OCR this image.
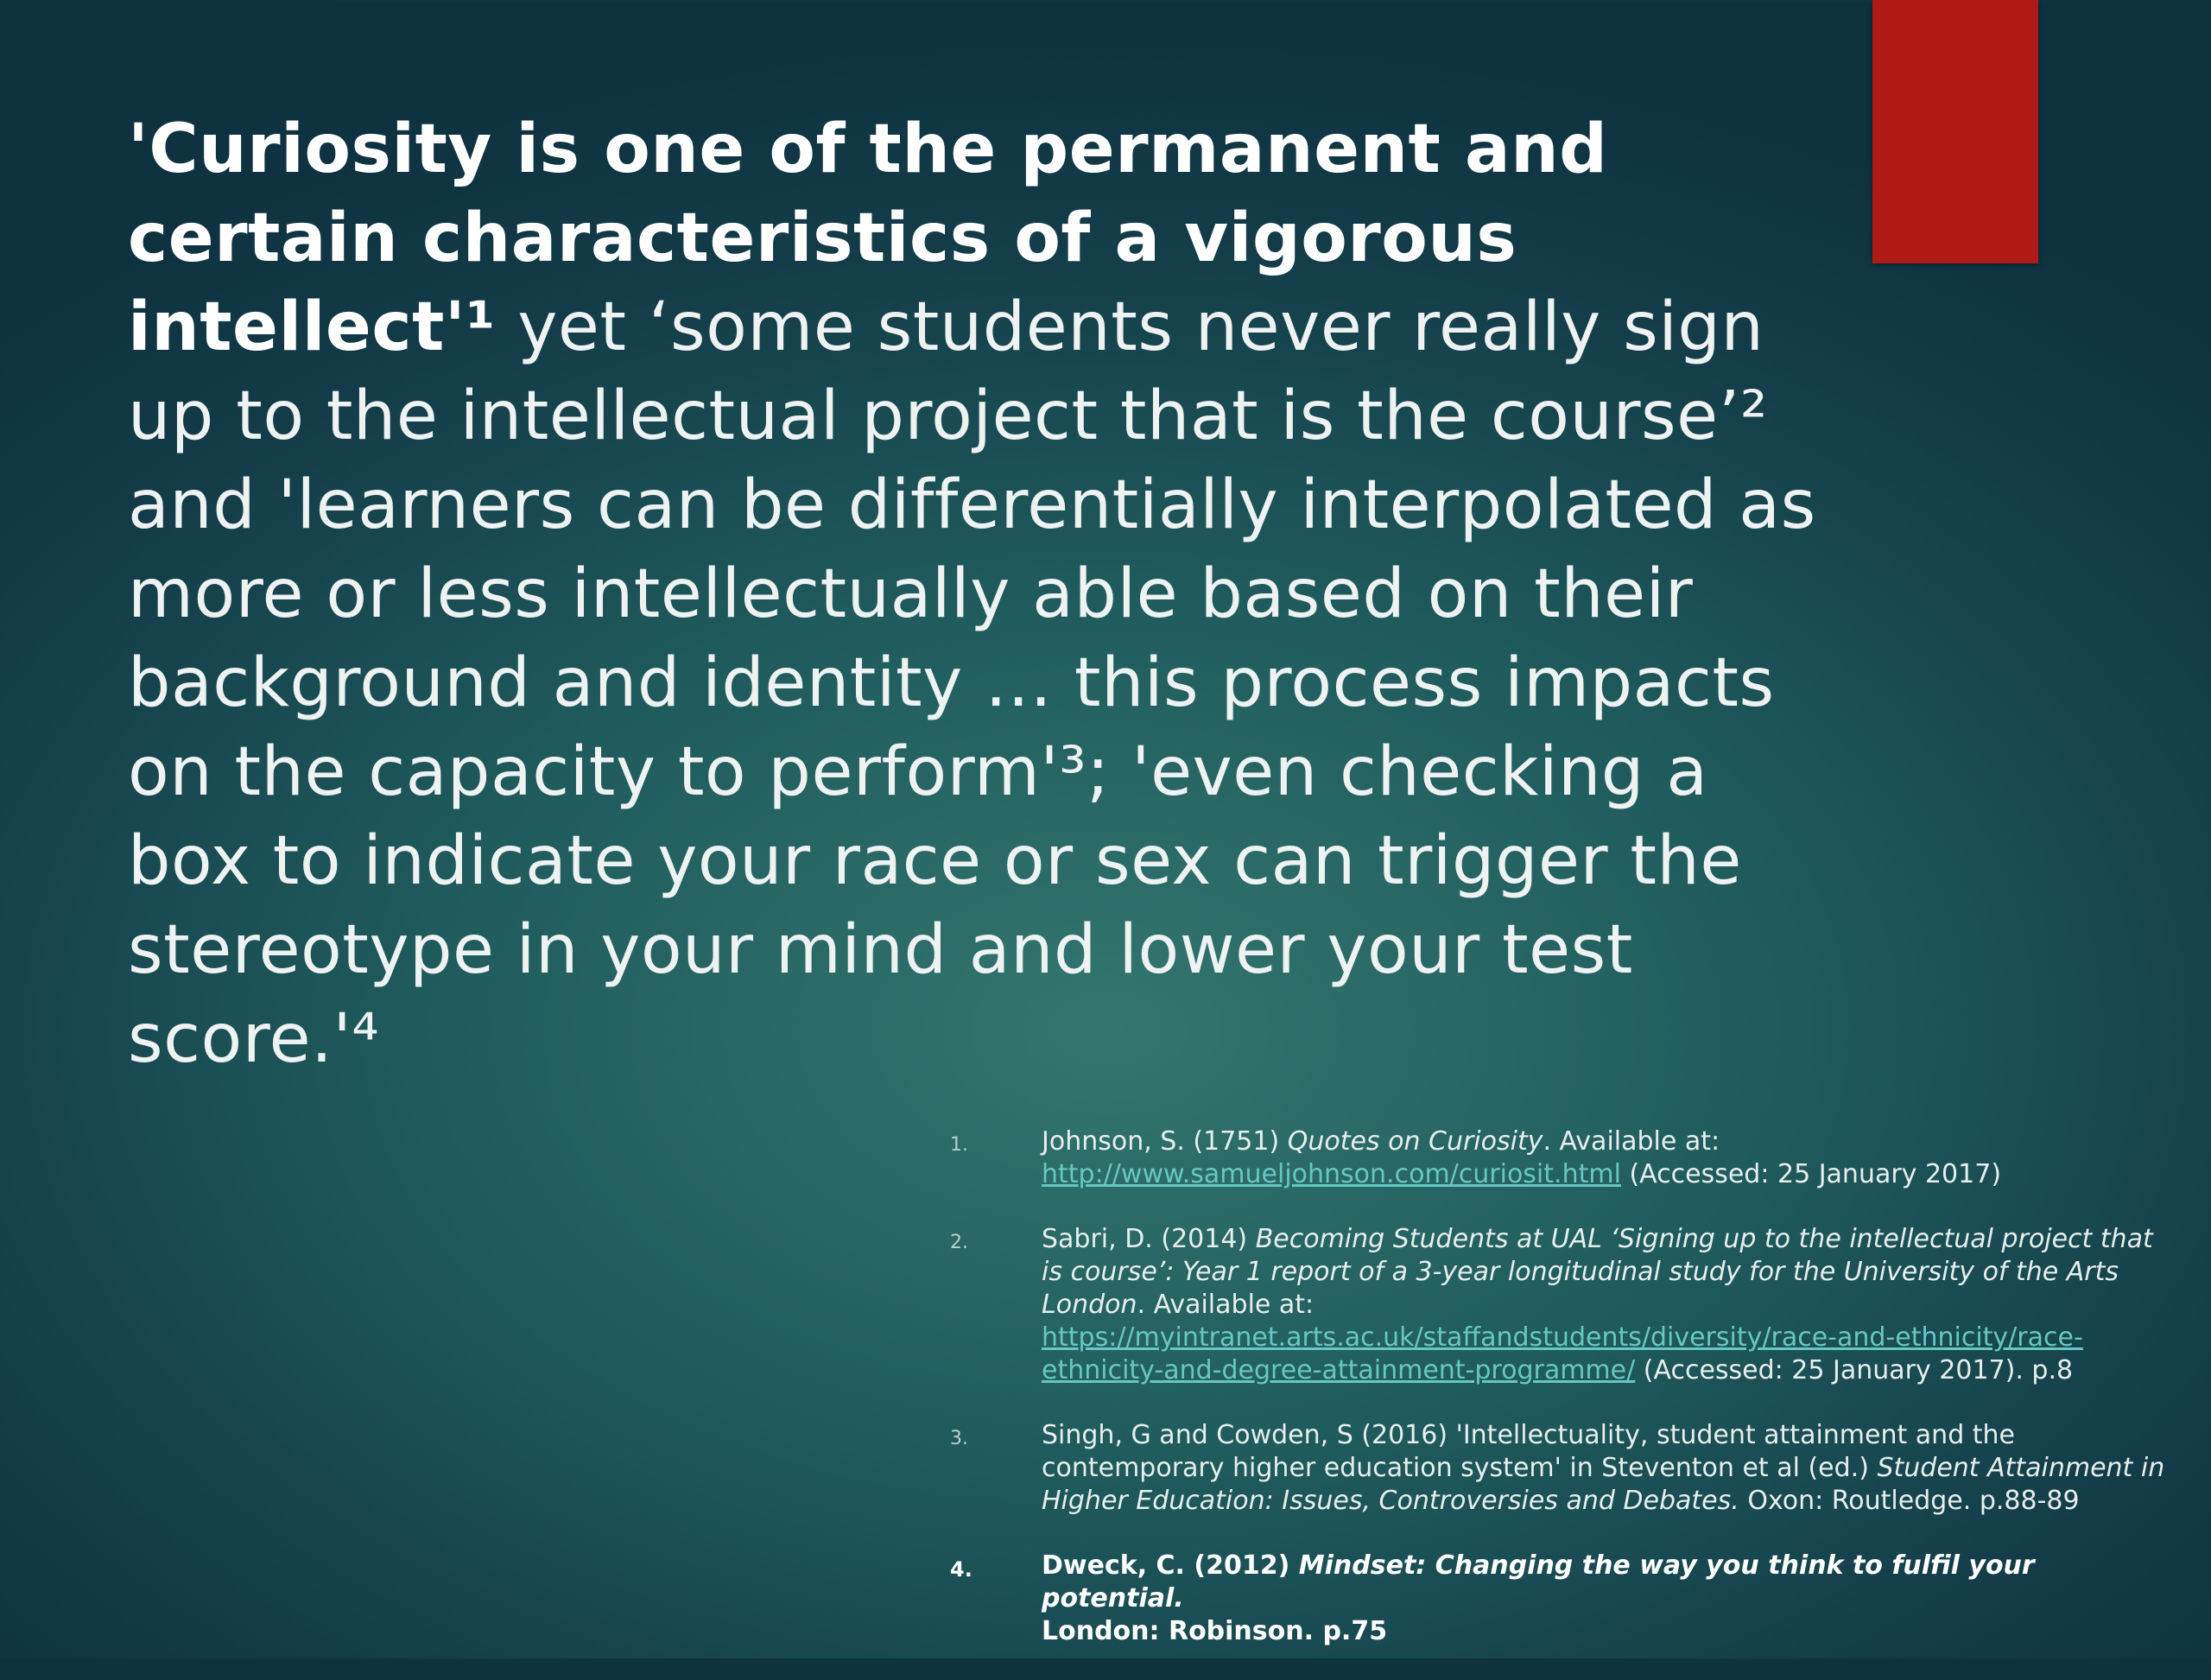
'Curiosity is one of the permanent and certain characteristics of a vigorous intellect'¹ yet ‘some students never really sign up to the intellectual project that is the course’² and 'learners can be differentially interpolated as more or less intellectually able based on their background and identity … this process impacts on the capacity to perform'³; 'even checking a box to indicate your race or sex can trigger the stereotype in your mind and lower your test score.'⁴
1.	Johnson, S. (1751) Quotes on Curiosity. Available at:
http://www.samueljohnson.com/curiosit.html (Accessed: 25 January 2017)
2.	Sabri, D. (2014) Becoming Students at UAL ‘Signing up to the intellectual project that is course’: Year 1 report of a 3-year longitudinal study for the University of the Arts London. Available at:
https://myintranet.arts.ac.uk/staffandstudents/diversity/race-and-ethnicity/race-ethnicity-and-degree-attainment-programme/ (Accessed: 25 January 2017). p.8
3.	Singh, G and Cowden, S (2016) 'Intellectuality, student attainment and the contemporary higher education system' in Steventon et al (ed.) Student Attainment in Higher Education: Issues, Controversies and Debates. Oxon: Routledge. p.88-89
4.	Dweck, C. (2012) Mindset: Changing the way you think to fulfil your potential.
London: Robinson. p.75
